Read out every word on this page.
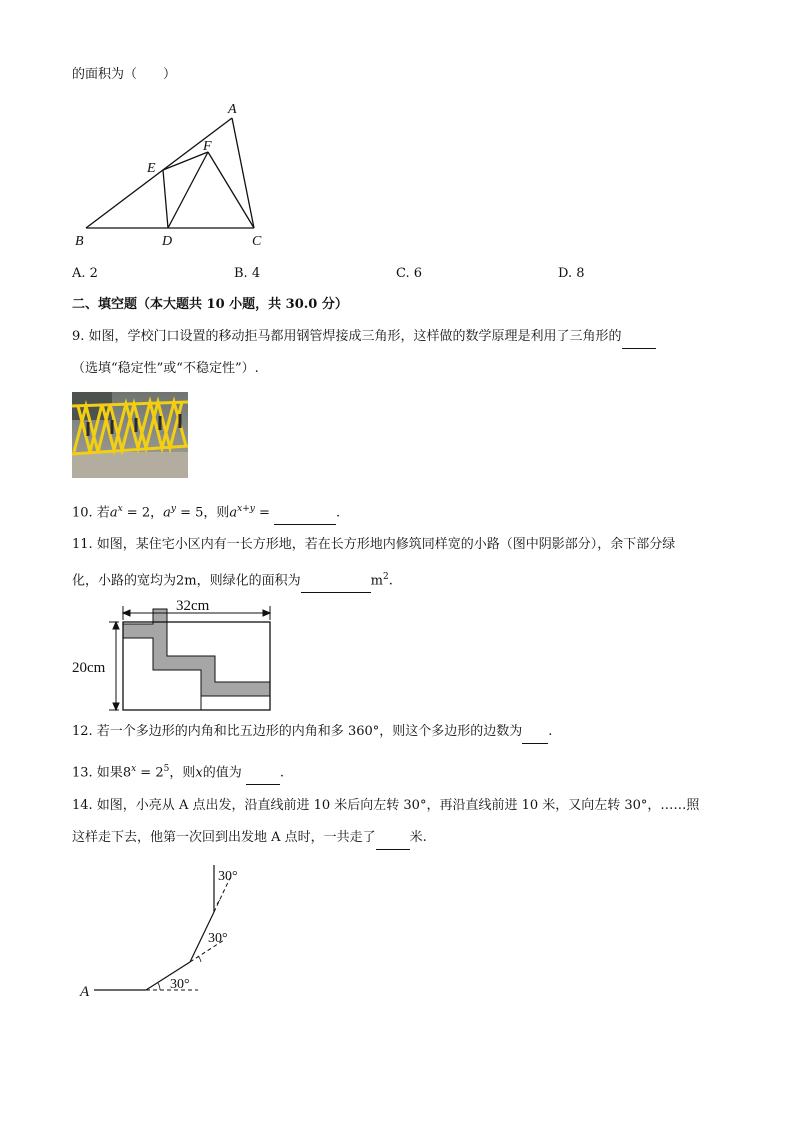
的面积为（　　）
A
F
E
B	D	C
A. 2	B. 4	C. 6	D. 8
二、填空题（本大题共 10 小题，共 30.0 分）
9. 如图，学校门口设置的移动拒马都用钢管焊接成三角形，这样做的数学原理是利用了三角形的
（选填“稳定性”或“不稳定性”）.
10. 若$a^x = 2$，$a^y = 5$，则$a^{x+y}$ =	.
11. 如图，某住宅小区内有一长方形地，若在长方形地内修筑同样宽的小路（图中阴影部分），余下部分绿
化，小路的宽均为2m，则绿化的面积为	$m^2$.
32cm
20cm
12. 若一个多边形的内角和比五边形的内角和多 360°，则这个多边形的边数为 .
13. 如果$8^x = 2^5$，则x的值为	.
14. 如图，小亮从 A 点出发，沿直线前进 10 米后向左转 30°，再沿直线前进 10 米，又向左转 30°，……照
这样走下去，他第一次回到出发地 A 点时，一共走了	米.
A	30°
30°
30°
